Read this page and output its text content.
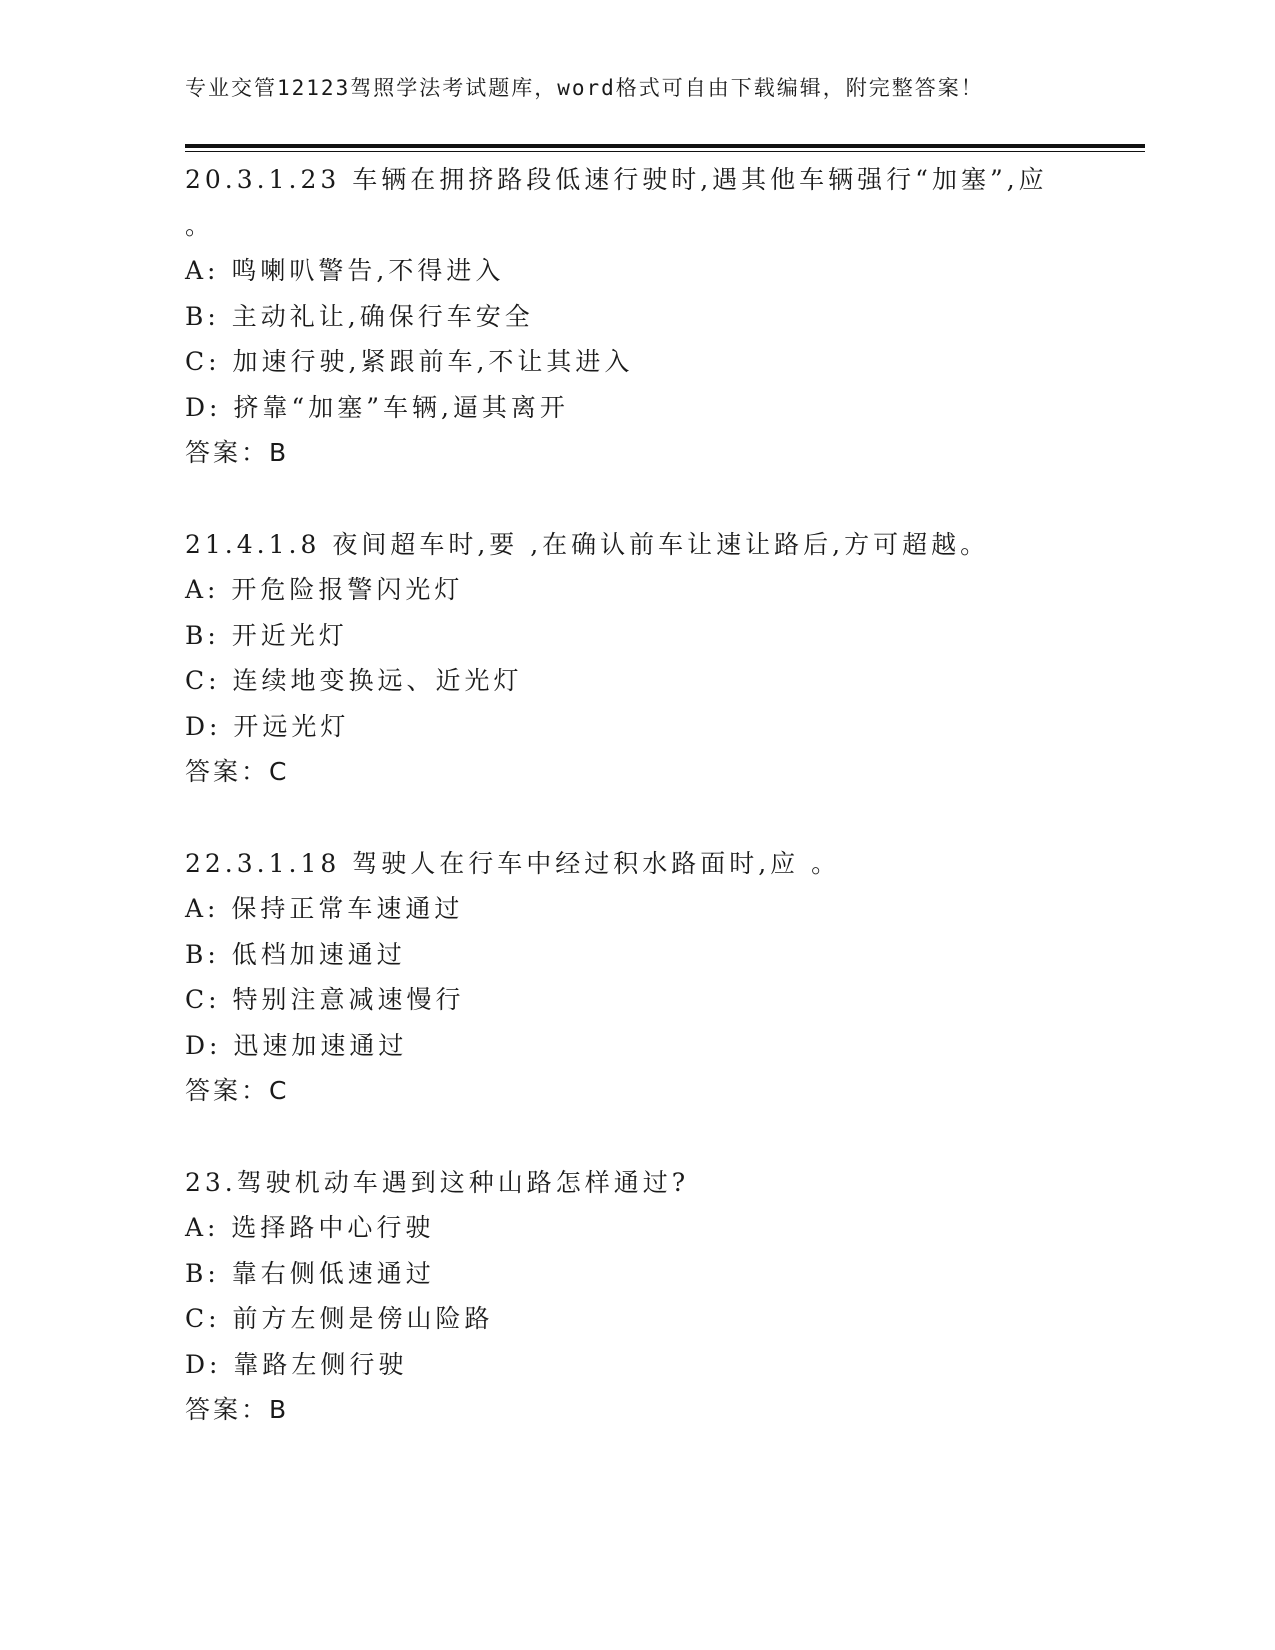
专业交管12123驾照学法考试题库，word格式可自由下载编辑，附完整答案！
20.3.1.23 车辆在拥挤路段低速行驶时,遇其他车辆强行“加塞”,应
。
A: 鸣喇叭警告,不得进入
B: 主动礼让,确保行车安全
C: 加速行驶,紧跟前车,不让其进入
D: 挤靠“加塞”车辆,逼其离开
答案：B
21.4.1.8 夜间超车时,要 ,在确认前车让速让路后,方可超越。
A: 开危险报警闪光灯
B: 开近光灯
C: 连续地变换远、近光灯
D: 开远光灯
答案：C
22.3.1.18 驾驶人在行车中经过积水路面时,应 。
A: 保持正常车速通过
B: 低档加速通过
C: 特别注意减速慢行
D: 迅速加速通过
答案：C
23.驾驶机动车遇到这种山路怎样通过?
A: 选择路中心行驶
B: 靠右侧低速通过
C: 前方左侧是傍山险路
D: 靠路左侧行驶
答案：B
